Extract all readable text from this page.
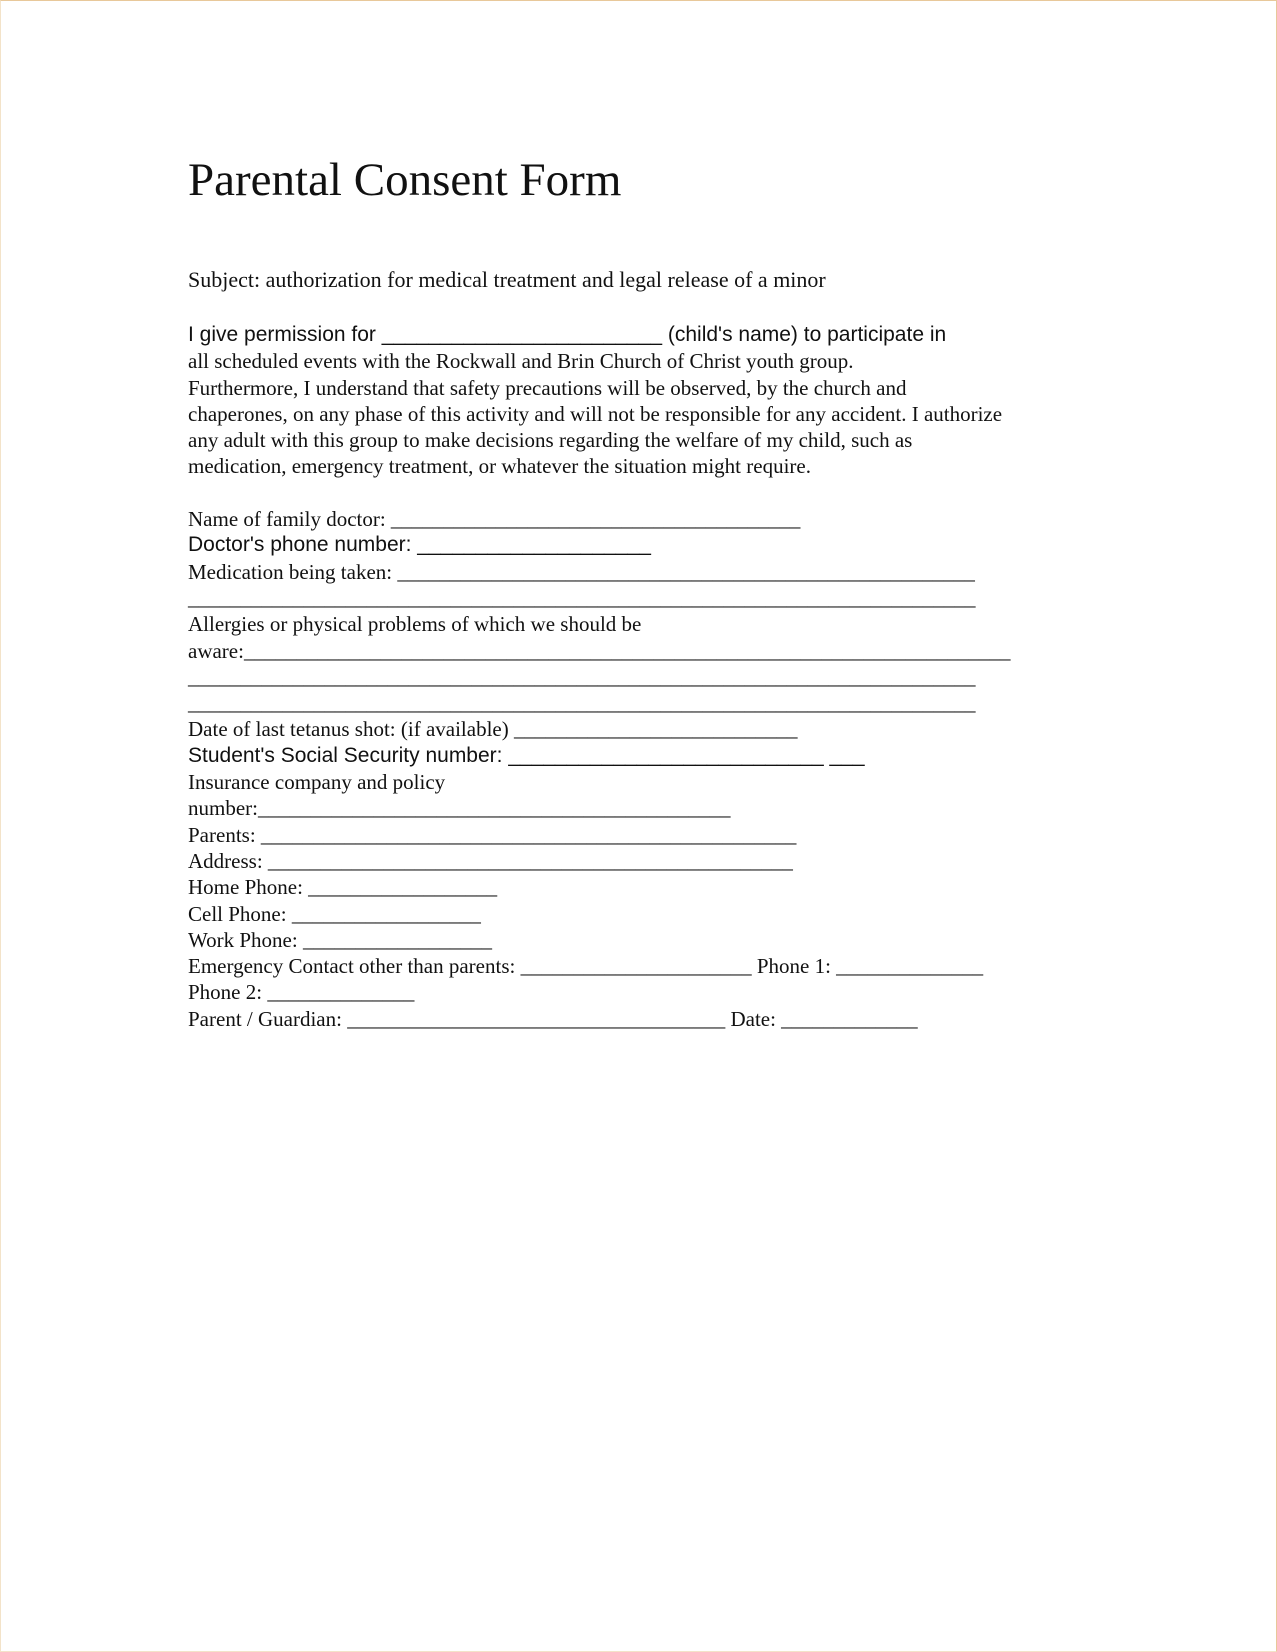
Parental Consent Form
Subject: authorization for medical treatment and legal release of a minor
I give permission for ________________________ (child's name) to participate in
all scheduled events with the Rockwall and Brin Church of Christ youth group.
Furthermore, I understand that safety precautions will be observed, by the church and
chaperones, on any phase of this activity and will not be responsible for any accident. I authorize
any adult with this group to make decisions regarding the welfare of my child, such as
medication, emergency treatment, or whatever the situation might require.
Name of family doctor: _______________________________________
Doctor's phone number: ____________________
Medication being taken: _______________________________________________________
___________________________________________________________________________
Allergies or physical problems of which we should be
aware:_________________________________________________________________________
___________________________________________________________________________
___________________________________________________________________________
Date of last tetanus shot: (if available) ___________________________
Student's Social Security number: ___________________________ ___
Insurance company and policy
number:_____________________________________________
Parents: ___________________________________________________
Address: __________________________________________________
Home Phone: __________________
Cell Phone: __________________
Work Phone: __________________
Emergency Contact other than parents: ______________________ Phone 1: ______________
Phone 2: ______________
Parent / Guardian: ____________________________________ Date: _____________
